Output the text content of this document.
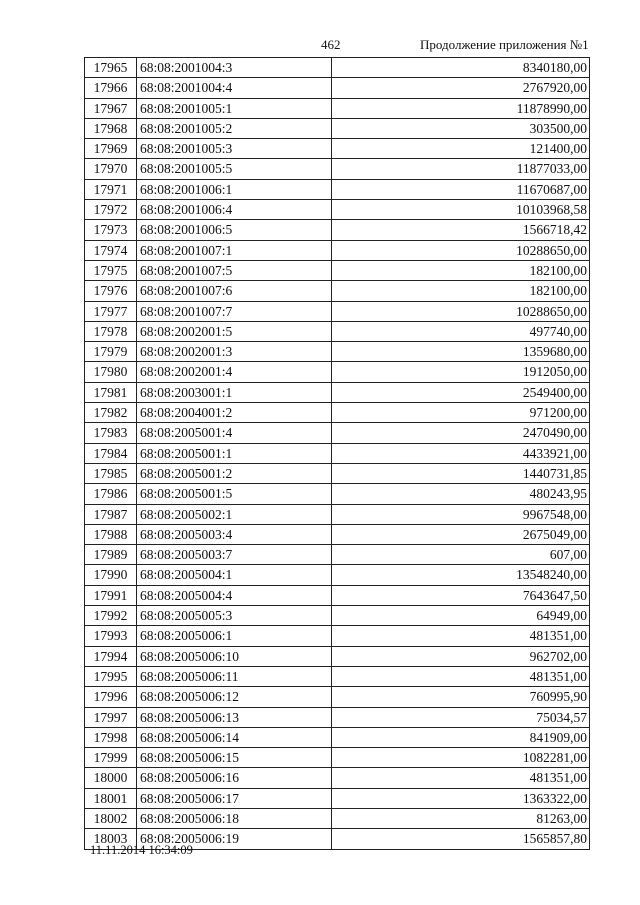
462	Продолжение приложения №1
17965 68:08:2001004:3	8340180,00
17966 68:08:2001004:4	2767920,00
17967 68:08:2001005:1	11878990,00
17968 68:08:2001005:2	303500,00
17969 68:08:2001005:3	121400,00
17970 68:08:2001005:5	11877033,00
17971 68:08:2001006:1	11670687,00
17972 68:08:2001006:4	10103968,58
17973 68:08:2001006:5	1566718,42
17974 68:08:2001007:1	10288650,00
17975 68:08:2001007:5	182100,00
17976 68:08:2001007:6	182100,00
17977 68:08:2001007:7	10288650,00
17978 68:08:2002001:5	497740,00
17979 68:08:2002001:3	1359680,00
17980 68:08:2002001:4	1912050,00
17981 68:08:2003001:1	2549400,00
17982 68:08:2004001:2	971200,00
17983 68:08:2005001:4	2470490,00
17984 68:08:2005001:1	4433921,00
17985 68:08:2005001:2	1440731,85
17986 68:08:2005001:5	480243,95
17987 68:08:2005002:1	9967548,00
17988 68:08:2005003:4	2675049,00
17989 68:08:2005003:7	607,00
17990 68:08:2005004:1	13548240,00
17991 68:08:2005004:4	7643647,50
17992 68:08:2005005:3	64949,00
17993 68:08:2005006:1	481351,00
17994 68:08:2005006:10	962702,00
17995 68:08:2005006:11	481351,00
17996 68:08:2005006:12	760995,90
17997 68:08:2005006:13	75034,57
17998 68:08:2005006:14	841909,00
17999 68:08:2005006:15	1082281,00
18000 68:08:2005006:16	481351,00
18001 68:08:2005006:17	1363322,00
18002 68:08:2005006:18	81263,00
18003 68:08:2005006:19	1565857,80
11.11.2014 16:34:09
